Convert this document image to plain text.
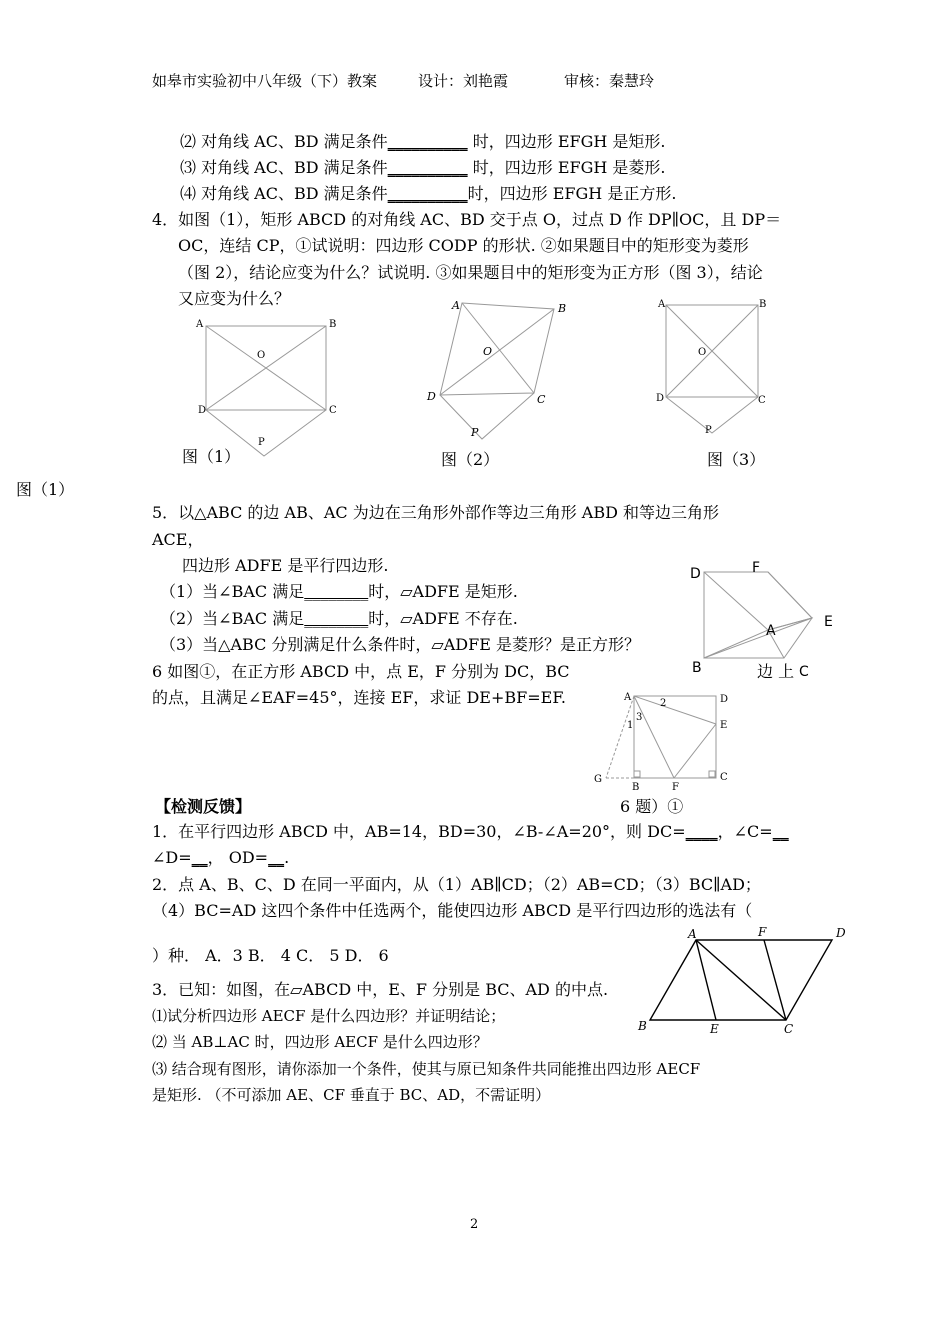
如皋市实验初中八年级（下）教案	设计：刘艳霞	审核：秦慧玲
⑵ 对角线 AC、BD 满足条件__________ 时，四边形 EFGH 是矩形.
⑶ 对角线 AC、BD 满足条件__________ 时，四边形 EFGH 是菱形.
⑷ 对角线 AC、BD 满足条件__________时，四边形 EFGH 是正方形.
4．如图（1），矩形 ABCD 的对角线 AC、BD 交于点 O，过点 D 作 DP∥OC，且 DP＝
OC，连结 CP，①试说明：四边形 CODP 的形状. ②如果题目中的矩形变为菱形
（图 2），结论应变为什么？试说明. ③如果题目中的矩形变为正方形（图 3），结论
又应变为什么？
A	B
O
D	C
P
A	B
O
D	C
P
A	B
O
D	C
P
图（1）	图（2）	图（3）
图（1）
5．以△ABC 的边 AB、AC 为边在三角形外部作等边三角形 ABD 和等边三角形
ACE，
四边形 ADFE 是平行四边形.
（1）当∠BAC 满足________时，▱ADFE 是矩形.
（2）当∠BAC 满足________时，▱ADFE 不存在.
（3）当△ABC 分别满足什么条件时，▱ADFE 是菱形？是正方形？
D	F
E
A
B	C
6 如图①，在正方形 ABCD 中，点 E，F 分别为 DC，BC	边 上
的点，且满足∠EAF=45°，连接 EF，求证 DE+BF=EF.	A	D
E
C
B	F
G
1
2
3
6 题）①
【检测反馈】
1．在平行四边形 ABCD 中，AB=14，BD=30，∠B-∠A=20°，则 DC=____，∠C=__
∠D=__， OD=__.
2．点 A、B、C、D 在同一平面内，从（1）AB∥CD；（2）AB=CD；（3）BC∥AD；
（4）BC=AD 这四个条件中任选两个，能使四边形 ABCD 是平行四边形的选法有（
）种． A．3 B． 4 C． 5 D． 6
A	F	D
B	E	C
3．已知：如图，在▱ABCD 中，E、F 分别是 BC、AD 的中点.
⑴试分析四边形 AECF 是什么四边形？并证明结论；
⑵ 当 AB⊥AC 时，四边形 AECF 是什么四边形？
⑶ 结合现有图形，请你添加一个条件，使其与原已知条件共同能推出四边形 AECF
是矩形. （不可添加 AE、CF 垂直于 BC、AD，不需证明）
2
